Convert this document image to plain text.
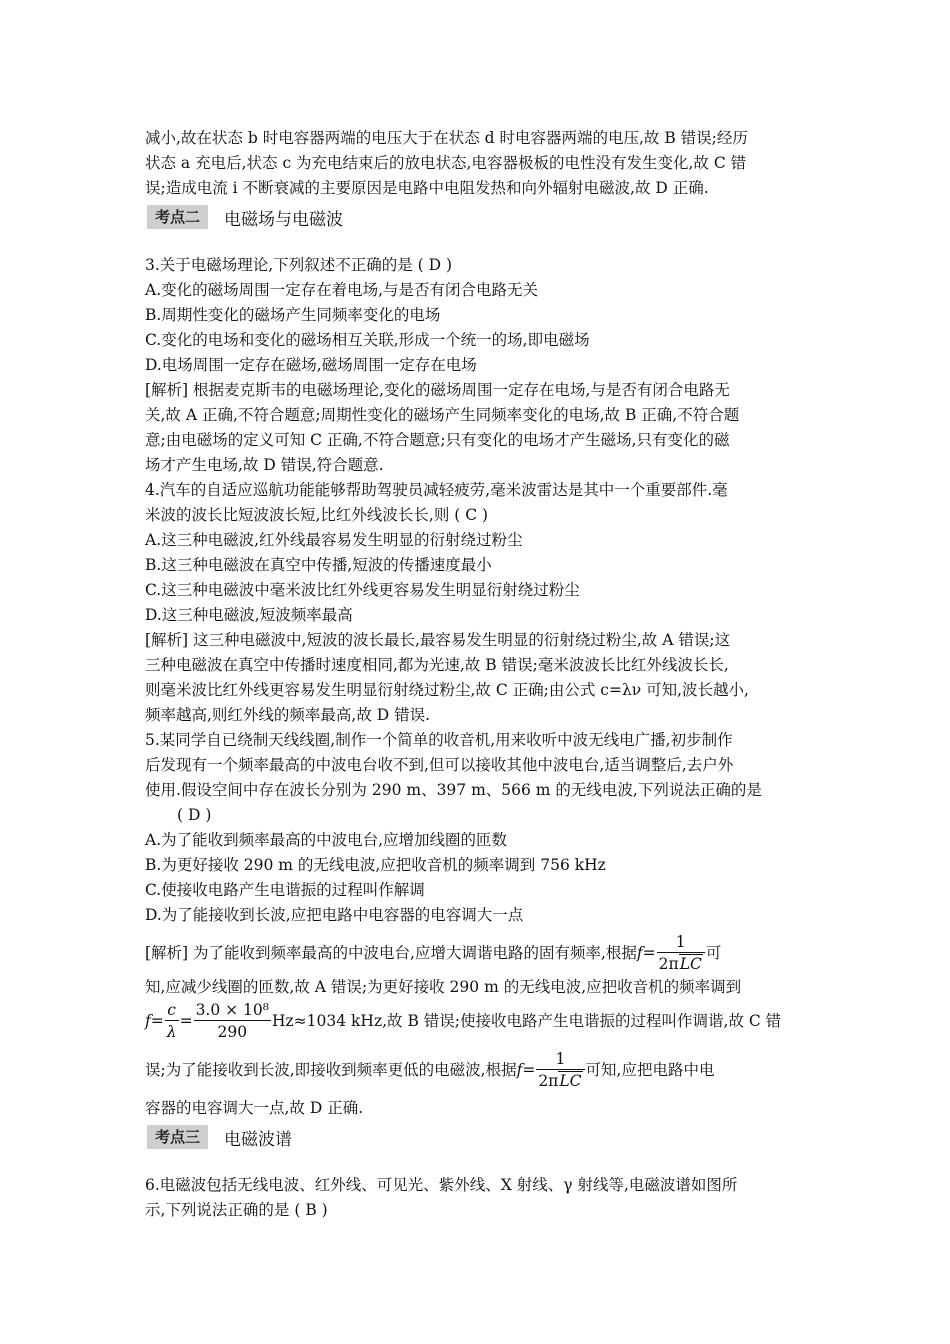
减小,故在状态 b 时电容器两端的电压大于在状态 d 时电容器两端的电压,故 B 错误;经历

状态 a 充电后,状态 c 为充电结束后的放电状态,电容器极板的电性没有发生变化,故 C 错

误;造成电流 i 不断衰减的主要原因是电路中电阻发热和向外辐射电磁波,故 D 正确.

考点二	电磁场与电磁波

3.关于电磁场理论,下列叙述不正确的是 ( D )

A.变化的磁场周围一定存在着电场,与是否有闭合电路无关

B.周期性变化的磁场产生同频率变化的电场

C.变化的电场和变化的磁场相互关联,形成一个统一的场,即电磁场

D.电场周围一定存在磁场,磁场周围一定存在电场

[解析] 根据麦克斯韦的电磁场理论,变化的磁场周围一定存在电场,与是否有闭合电路无

关,故 A 正确,不符合题意;周期性变化的磁场产生同频率变化的电场,故 B 正确,不符合题

意;由电磁场的定义可知 C 正确,不符合题意;只有变化的电场才产生磁场,只有变化的磁

场才产生电场,故 D 错误,符合题意.

4.汽车的自适应巡航功能能够帮助驾驶员减轻疲劳,毫米波雷达是其中一个重要部件.毫

米波的波长比短波波长短,比红外线波长长,则 ( C )

A.这三种电磁波,红外线最容易发生明显的衍射绕过粉尘

B.这三种电磁波在真空中传播,短波的传播速度最小

C.这三种电磁波中毫米波比红外线更容易发生明显衍射绕过粉尘

D.这三种电磁波,短波频率最高

[解析] 这三种电磁波中,短波的波长最长,最容易发生明显的衍射绕过粉尘,故 A 错误;这

三种电磁波在真空中传播时速度相同,都为光速,故 B 错误;毫米波波长比红外线波长长,

则毫米波比红外线更容易发生明显衍射绕过粉尘,故 C 正确;由公式 c=λν 可知,波长越小,

频率越高,则红外线的频率最高,故 D 错误.

5.某同学自已绕制天线线圈,制作一个简单的收音机,用来收听中波无线电广播,初步制作

后发现有一个频率最高的中波电台收不到,但可以接收其他中波电台,适当调整后,去户外

使用.假设空间中存在波长分别为 290 m、397 m、566 m 的无线电波,下列说法正确的是

( D )

A.为了能收到频率最高的中波电台,应增加线圈的匝数

B.为更好接收 290 m 的无线电波,应把收音机的频率调到 756 kHz

C.使接收电路产生电谐振的过程叫作解调

D.为了能接收到长波,应把电路中电容器的电容调大一点

[解析] 为了能收到频率最高的中波电台,应增大调谐电路的固有频率,根据 $f= \frac{1}{\text{2πLC}}$ 可

知,应减少线圈的匝数,故 A 错误;为更好接收 290 m 的无线电波,应把收音机的频率调到

$f= \frac{c}{\lambda} = \frac{\text{3.0 × 10⁸}}{290} Hz\approx 1034$ kHz,故 B 错误;使接收电路产生电谐振的过程叫作调谐,故 C 错
误;为了能接收到长波,即接收到频率更低的电磁波,根据 $f= \frac{1}{\text{2πLC}}$ 可知,应把电路中电

容器的电容调大一点,故 D 正确.

考点三	电磁波谱

6.电磁波包括无线电波、红外线、可见光、紫外线、X 射线、γ 射线等,电磁波谱如图所

示,下列说法正确的是 ( B )
